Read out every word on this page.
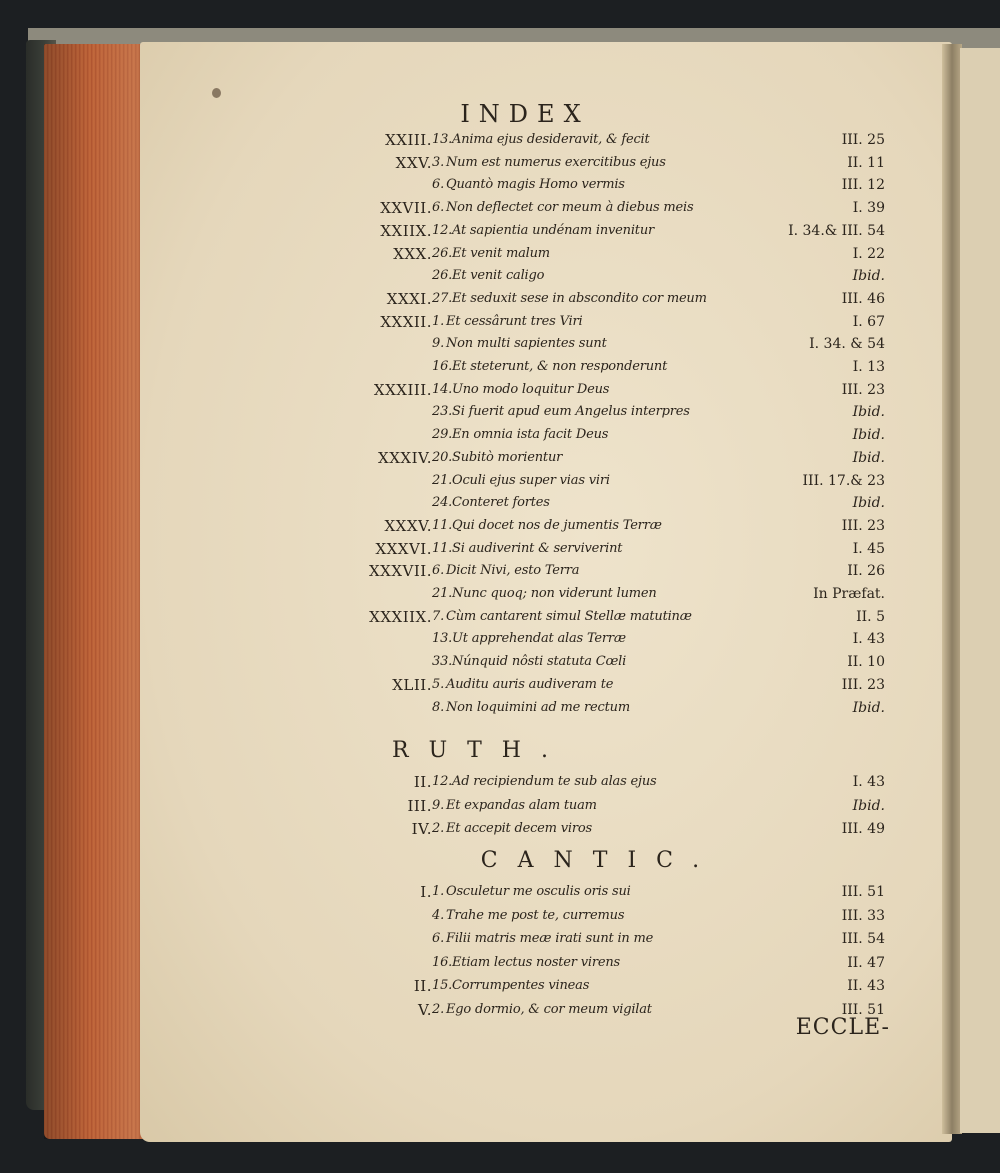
INDEX
XXIII. 13. Anima ejus desideravit, & fecit	III. 25
XXV. 3. Num est numerus exercitibus ejus	II. 11
6. Quantò magis Homo vermis	III. 12
XXVII. 6. Non deflectet cor meum à diebus meis	I. 39
XXIIX. 12. At sapientia undénam invenitur	I. 34.& III. 54
XXX. 26. Et venit malum	I. 22
26. Et venit caligo	Ibid.
XXXI. 27. Et seduxit sese in abscondito cor meum	III. 46
XXXII. 1. Et cessârunt tres Viri	I. 67
9. Non multi sapientes sunt	I. 34. & 54
16. Et steterunt, & non responderunt	I. 13
XXXIII. 14. Uno modo loquitur Deus	III. 23
23. Si fuerit apud eum Angelus interpres	Ibid.
29. En omnia ista facit Deus	Ibid.
XXXIV. 20. Subitò morientur	Ibid.
21. Oculi ejus super vias viri	III. 17.& 23
24. Conteret fortes	Ibid.
XXXV. 11. Qui docet nos de jumentis Terræ	III. 23
XXXVI. 11. Si audiverint & serviverint	I. 45
XXXVII. 6. Dicit Nivi, esto Terra	II. 26
21. Nunc quoq; non viderunt lumen	In Præfat.
XXXIIX. 7. Cùm cantarent simul Stellæ matutinæ	II. 5
13. Ut apprehendat alas Terræ	I. 43
33. Núnquid nôsti statuta Cœli	II. 10
XLII. 5. Auditu auris audiveram te	III. 23
8. Non loquimini ad me rectum	Ibid.
RUTH.
II. 12. Ad recipiendum te sub alas ejus	I. 43
III. 9. Et expandas alam tuam	Ibid.
IV. 2. Et accepit decem viros	III. 49
CANTIC.
I. 1. Osculetur me osculis oris sui	III. 51
4. Trahe me post te, curremus	III. 33
6. Filii matris meæ irati sunt in me	III. 54
16. Etiam lectus noster virens	II. 47
II. 15. Corrumpentes vineas	II. 43
V. 2. Ego dormio, & cor meum vigilat	III. 51
ECCLE-
